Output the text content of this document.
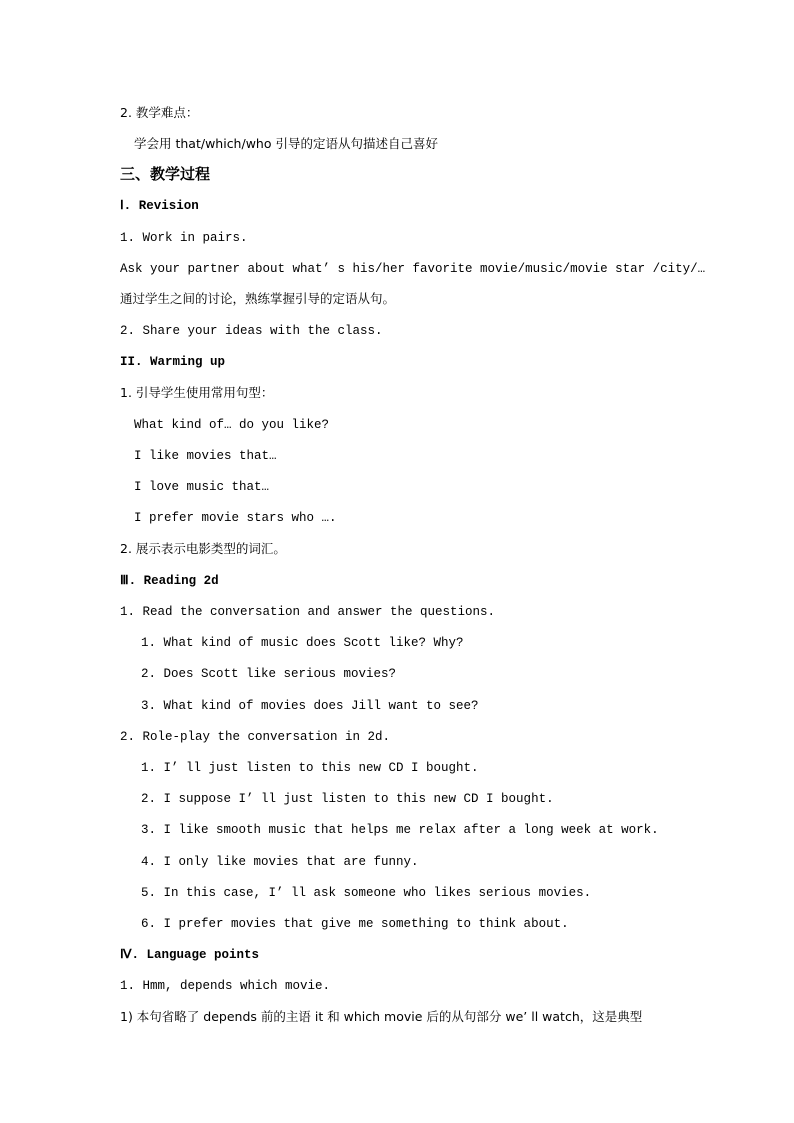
2. 教学难点：
学会用 that/which/who 引导的定语从句描述自己喜好
三、教学过程
Ⅰ. Revision
1. Work in pairs.
Ask your partner about what’ s his/her favorite movie/music/movie star /city/…
通过学生之间的讨论，熟练掌握引导的定语从句。
2. Share your ideas with the class.
II. Warming up
1. 引导学生使用常用句型：
What kind of… do you like?
I like movies that…
I love music that…
I prefer movie stars who ….
2. 展示表示电影类型的词汇。
Ⅲ. Reading 2d
1. Read the conversation and answer the questions.
1. What kind of music does Scott like? Why?
2. Does Scott like serious movies?
3. What kind of movies does Jill want to see?
2. Role-play the conversation in 2d.
1. I’ ll just listen to this new CD I bought.
2. I suppose I’ ll just listen to this new CD I bought.
3. I like smooth music that helps me relax after a long week at work.
4. I only like movies that are funny.
5. In this case, I’ ll ask someone who likes serious movies.
6. I prefer movies that give me something to think about.
Ⅳ. Language points
1. Hmm, depends which movie.
1) 本句省略了 depends 前的主语 it 和 which movie 后的从句部分 we’ ll watch，这是典型
